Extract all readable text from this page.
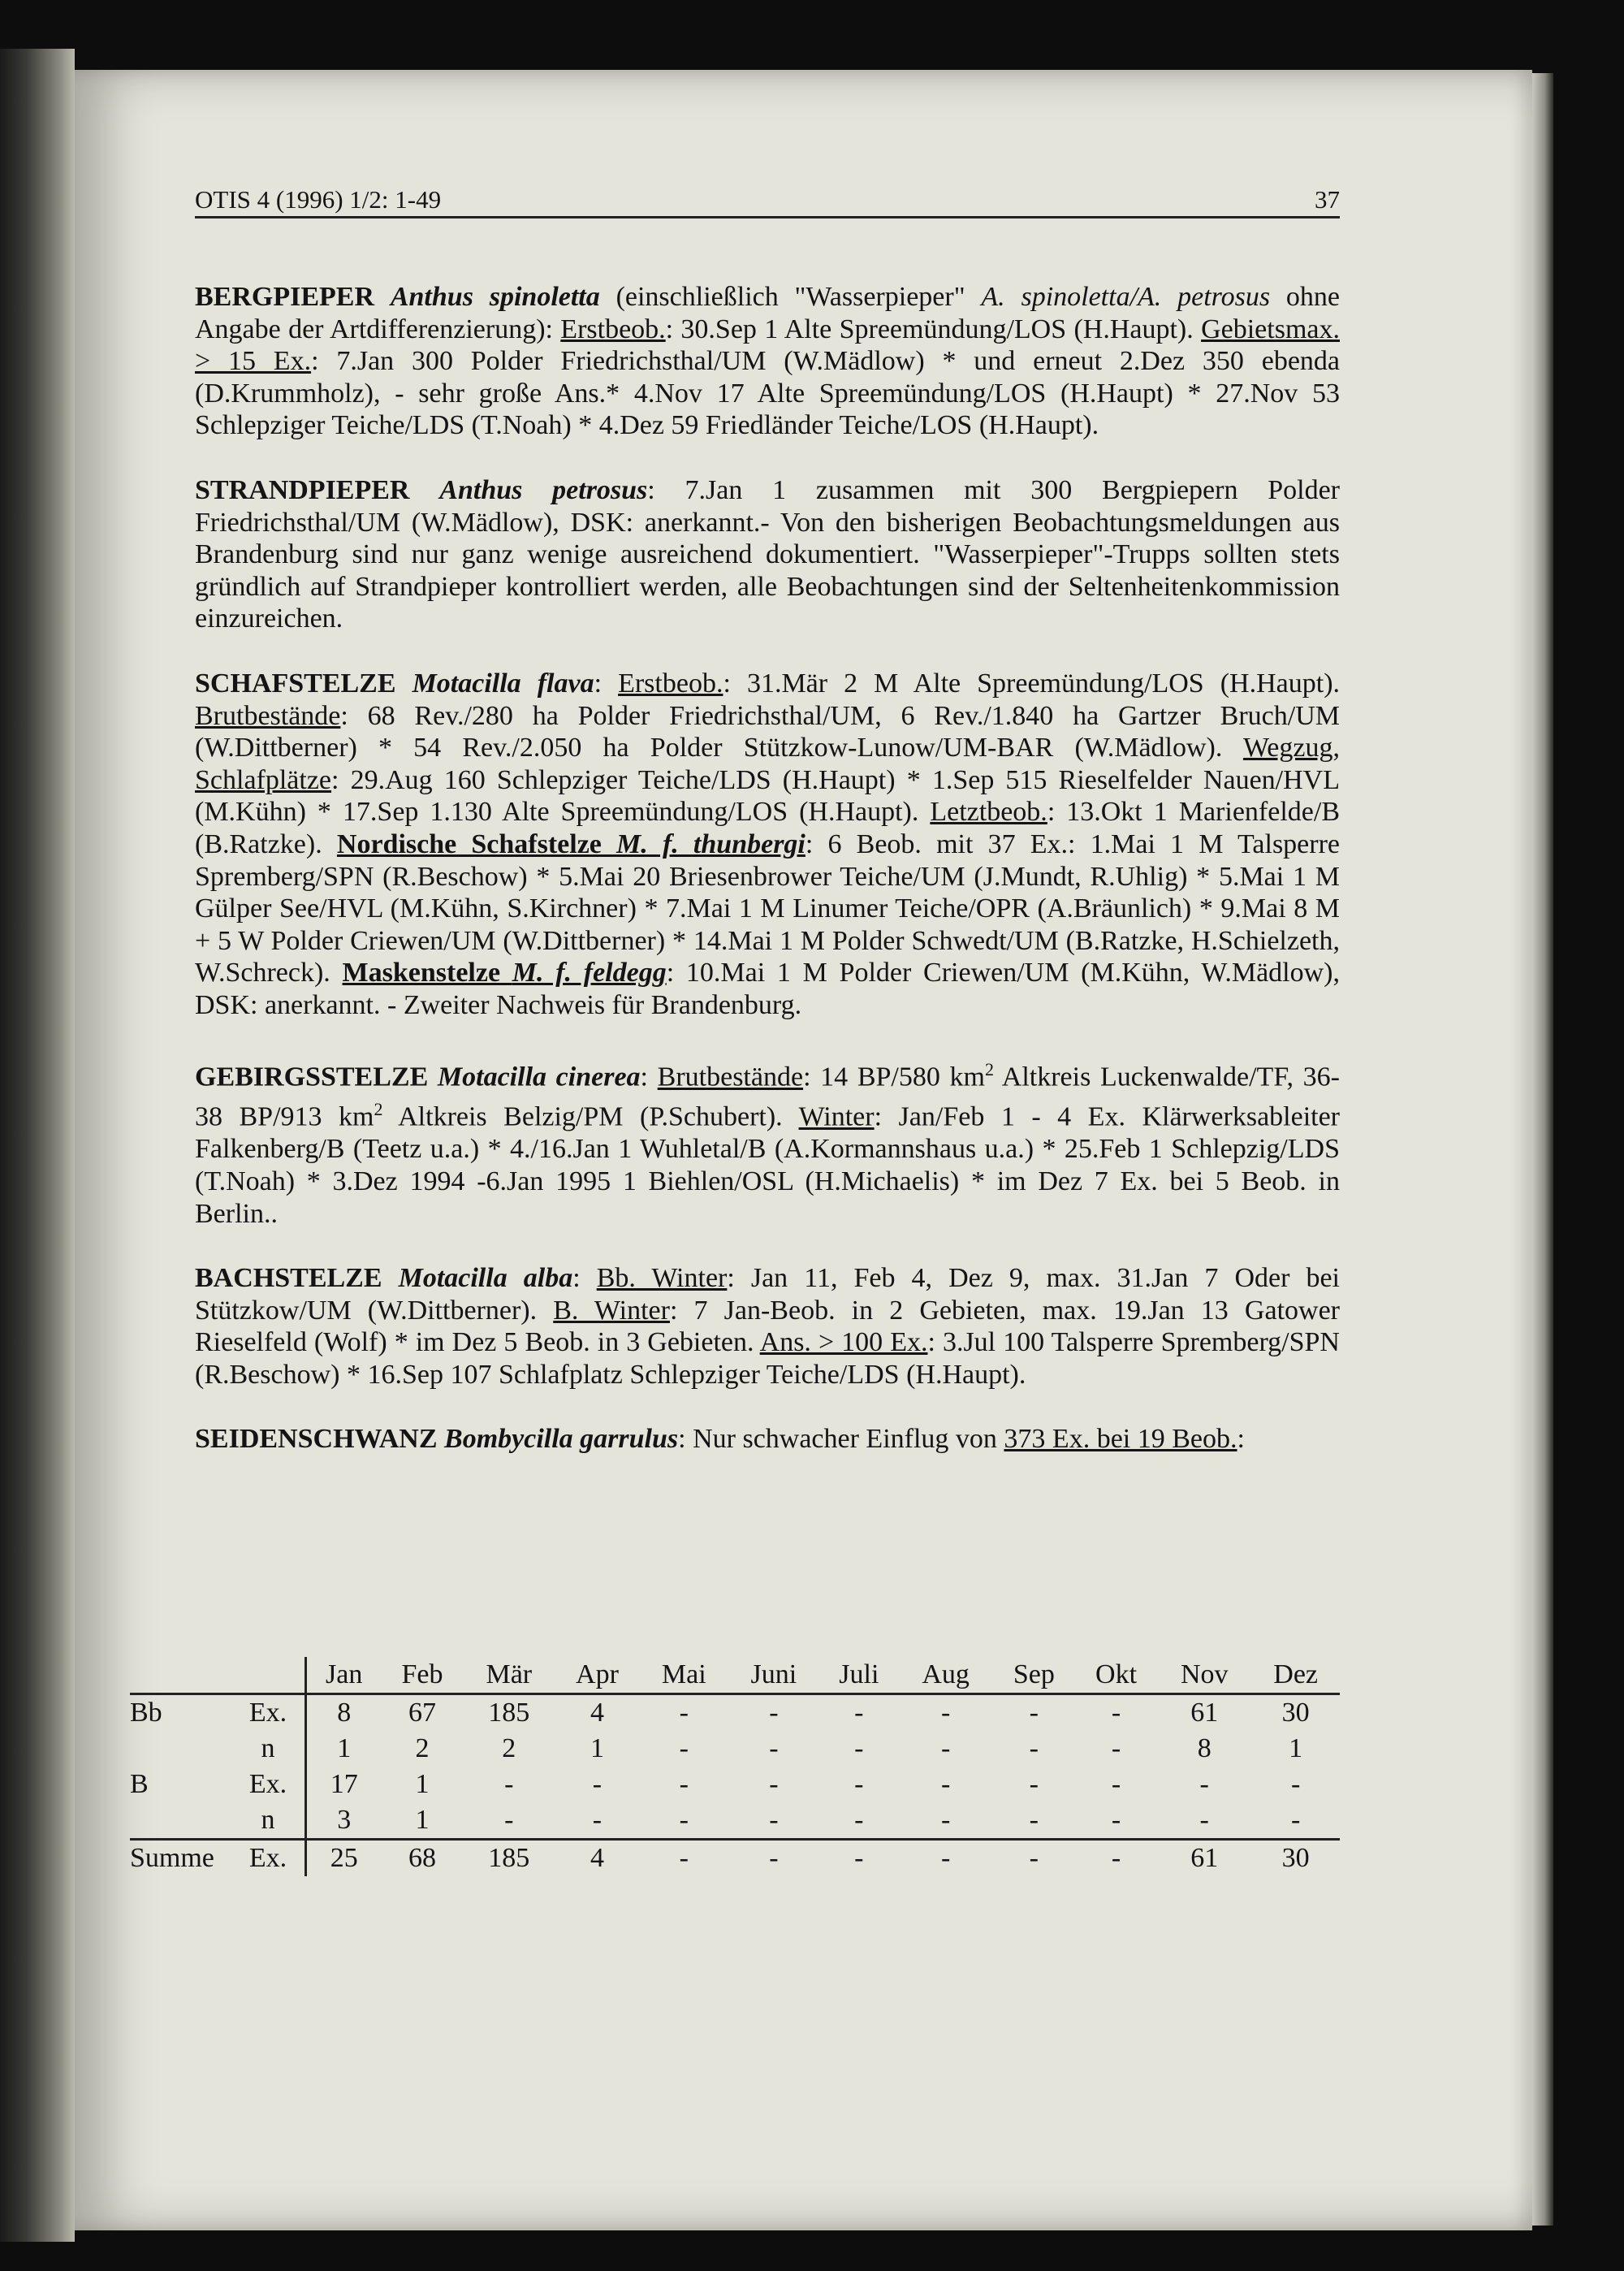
OTIS 4 (1996) 1/2: 1-49	37

BERGPIEPER Anthus spinoletta (einschließlich "Wasserpieper" A. spinoletta/A. petrosus ohne Angabe der Artdifferenzierung): Erstbeob.: 30.Sep 1 Alte Spreemündung/LOS (H.Haupt). Gebietsmax. > 15 Ex.: 7.Jan 300 Polder Friedrichsthal/UM (W.Mädlow) * und erneut 2.Dez 350 ebenda (D.Krummholz), - sehr große Ans.* 4.Nov 17 Alte Spreemündung/LOS (H.Haupt) * 27.Nov 53 Schlepziger Teiche/LDS (T.Noah) * 4.Dez 59 Friedländer Teiche/LOS (H.Haupt).

STRANDPIEPER Anthus petrosus: 7.Jan 1 zusammen mit 300 Bergpiepern Polder Friedrichsthal/UM (W.Mädlow), DSK: anerkannt.- Von den bisherigen Beobachtungsmeldungen aus Brandenburg sind nur ganz wenige ausreichend dokumentiert. "Wasserpieper"-Trupps sollten stets gründlich auf Strandpieper kontrolliert werden, alle Beobachtungen sind der Seltenheitenkommission einzureichen.

SCHAFSTELZE Motacilla flava: Erstbeob.: 31.Mär 2 M Alte Spreemündung/LOS (H.Haupt). Brutbestände: 68 Rev./280 ha Polder Friedrichsthal/UM, 6 Rev./1.840 ha Gartzer Bruch/UM (W.Dittberner) * 54 Rev./2.050 ha Polder Stützkow-Lunow/UM-BAR (W.Mädlow). Wegzug, Schlafplätze: 29.Aug 160 Schlepziger Teiche/LDS (H.Haupt) * 1.Sep 515 Rieselfelder Nauen/HVL (M.Kühn) * 17.Sep 1.130 Alte Spreemündung/LOS (H.Haupt). Letztbeob.: 13.Okt 1 Marienfelde/B (B.Ratzke). Nordische Schafstelze M. f. thunbergi: 6 Beob. mit 37 Ex.: 1.Mai 1 M Talsperre Spremberg/SPN (R.Beschow) * 5.Mai 20 Briesenbrower Teiche/UM (J.Mundt, R.Uhlig) * 5.Mai 1 M Gülper See/HVL (M.Kühn, S.Kirchner) * 7.Mai 1 M Linumer Teiche/OPR (A.Bräunlich) * 9.Mai 8 M + 5 W Polder Criewen/UM (W.Dittberner) * 14.Mai 1 M Polder Schwedt/UM (B.Ratzke, H.Schielzeth, W.Schreck). Maskenstelze M. f. feldegg: 10.Mai 1 M Polder Criewen/UM (M.Kühn, W.Mädlow), DSK: anerkannt. - Zweiter Nachweis für Brandenburg.

GEBIRGSSTELZE Motacilla cinerea: Brutbestände: 14 BP/580 $km^2$ Altkreis Luckenwalde/TF, 36-38 BP/913 $km^2$ Altkreis Belzig/PM (P.Schubert). Winter: Jan/Feb 1 - 4 Ex. Klärwerksableiter Falkenberg/B (Teetz u.a.) * 4./16.Jan 1 Wuhletal/B (A.Kormannshaus u.a.) * 25.Feb 1 Schlepzig/LDS (T.Noah) * 3.Dez 1994 -6.Jan 1995 1 Biehlen/OSL (H.Michaelis) * im Dez 7 Ex. bei 5 Beob. in Berlin..

BACHSTELZE Motacilla alba: Bb. Winter: Jan 11, Feb 4, Dez 9, max. 31.Jan 7 Oder bei Stützkow/UM (W.Dittberner). B. Winter: 7 Jan-Beob. in 2 Gebieten, max. 19.Jan 13 Gatower Rieselfeld (Wolf) * im Dez 5 Beob. in 3 Gebieten. Ans. > 100 Ex.: 3.Jul 100 Talsperre Spremberg/SPN (R.Beschow) * 16.Sep 107 Schlafplatz Schlepziger Teiche/LDS (H.Haupt).

SEIDENSCHWANZ Bombycilla garrulus: Nur schwacher Einflug von 373 Ex. bei 19 Beob.:

		Jan	Feb	Mär	Apr	Mai	Juni	Juli	Aug	Sep	Okt	Nov	Dez
Bb	Ex.	8	67	185	4	-	-	-	-	-	-	61	30
	n	1	2	2	1	-	-	-	-	-	-	8	1
B	Ex.	17	1	-	-	-	-	-	-	-	-	-	-
	n	3	1	-	-	-	-	-	-	-	-	-	-
Summe	Ex.	25	68	185	4	-	-	-	-	-	-	61	30
